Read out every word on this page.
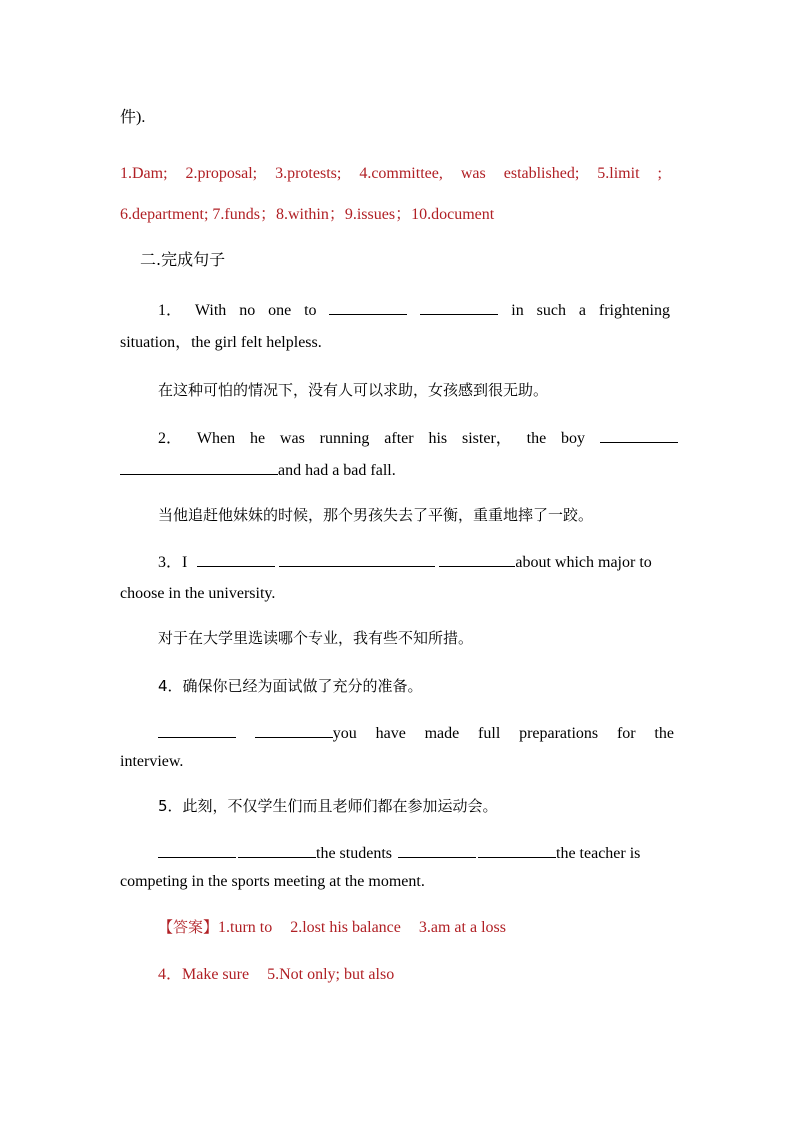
件).
1.Dam; 2.proposal; 3.protests; 4.committee, was established; 5.limit ;
6.department; 7.funds；8.within；9.issues；10.document
二.完成句子
1． With no one to	in such a frightening
situation，the girl felt helpless.
在这种可怕的情况下，没有人可以求助，女孩感到很无助。
2． When he was running after his sister， the boy
and had a bad fall.
当他追赶他妹妹的时候，那个男孩失去了平衡，重重地摔了一跤。
3．I	about which major to
choose in the university.
对于在大学里选读哪个专业，我有些不知所措。
4．确保你已经为面试做了充分的准备。
you have made full preparations for the
interview.
5．此刻，不仅学生们而且老师们都在参加运动会。
the students	the teacher is
competing in the sports meeting at the moment.
【答案】1.turn to 2.lost his balance 3.am at a loss
4．Make sure 5.Not only; but also
